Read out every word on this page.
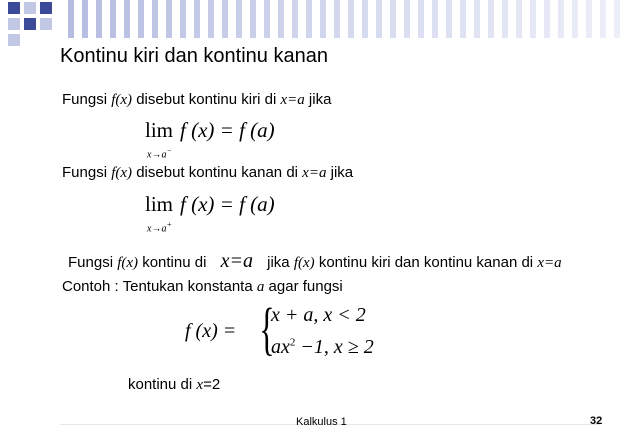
Kontinu kiri dan kontinu kanan
Fungsi f(x) disebut kontinu kiri di x=a jika
lim
x→a−
f (x) = f (a)
Fungsi f(x) disebut kontinu kanan di x=a jika
lim
x→a+
f (x) = f (a)
Fungsi f(x) kontinu di x=a jika f(x) kontinu kiri dan kontinu kanan di x=a
Contoh : Tentukan konstanta a agar fungsi
f (x) = {
x + a, x < 2
$ax^2 -1$, x ≥ 2
kontinu di x=2
Kalkulus 1	32
